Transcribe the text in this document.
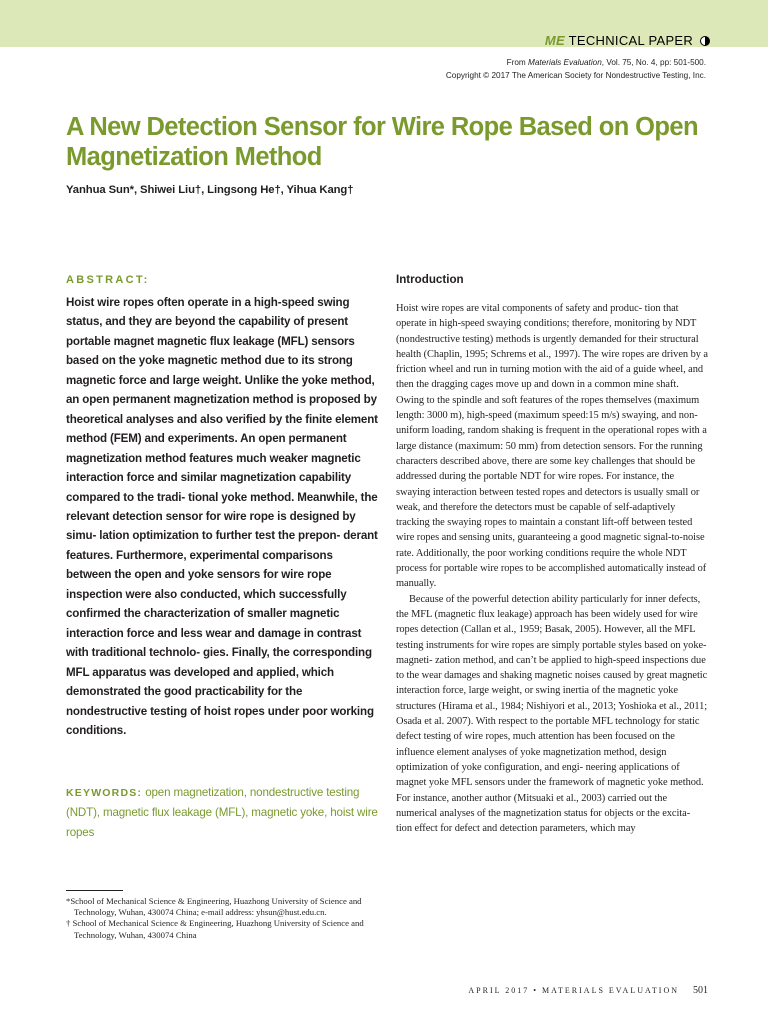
ME TECHNICAL PAPER

From Materials Evaluation, Vol. 75, No. 4, pp: 501-500.

Copyright © 2017 The American Society for Nondestructive Testing, Inc.

A New Detection Sensor for Wire Rope Based on Open Magnetization Method
Yanhua Sun*, Shiwei Liu†, Lingsong He†, Yihua Kang†
ABSTRACT:

Hoist wire ropes often operate in a high-speed swing status, and they are beyond the capability of present portable magnet magnetic flux leakage (MFL) sensors based on the yoke magnetic method due to its strong magnetic force and large weight. Unlike the yoke method, an open permanent magnetization method is proposed by theoretical analyses and also verified by the finite element method (FEM) and experiments. An open permanent magnetization method features much weaker magnetic interaction force and similar magnetization capability compared to the tradi- tional yoke method. Meanwhile, the relevant detection sensor for wire rope is designed by simu- lation optimization to further test the prepon- derant features. Furthermore, experimental comparisons between the open and yoke sensors for wire rope inspection were also conducted, which successfully confirmed the characterization of smaller magnetic interaction force and less wear and damage in contrast with traditional technolo- gies. Finally, the corresponding MFL apparatus was developed and applied, which demonstrated the good practicability for the nondestructive testing of hoist ropes under poor working conditions.

KEYWORDS: open magnetization, nondestructive testing (NDT), magnetic flux leakage (MFL), magnetic yoke, hoist wire ropes

*School of Mechanical Science & Engineering, Huazhong University of Science and Technology, Wuhan, 430074 China; e-mail address: yhsun@hust.edu.cn.

† School of Mechanical Science & Engineering, Huazhong University of Science and Technology, Wuhan, 430074 China

Introduction

Hoist wire ropes are vital components of safety and produc- tion that operate in high-speed swaying conditions; therefore, monitoring by NDT (nondestructive testing) methods is urgently demanded for their structural health (Chaplin, 1995; Schrems et al., 1997). The wire ropes are driven by a friction wheel and run in turning motion with the aid of a guide wheel, and then the dragging cages move up and down in a common mine shaft. Owing to the spindle and soft features of the ropes themselves (maximum length: 3000 m), high-speed (maximum speed:15 m/s) swaying, and non-uniform loading, random shaking is frequent in the operational ropes with a large distance (maximum: 50 mm) from detection sensors. For the running characters described above, there are some key challenges that should be addressed during the portable NDT for wire ropes. For instance, the swaying interaction between tested ropes and detectors is usually small or weak, and therefore the detectors must be capable of self-adaptively tracking the swaying ropes to maintain a constant lift-off between tested wire ropes and sensing units, guaranteeing a good magnetic signal-to-noise rate. Additionally, the poor working conditions require the whole NDT process for portable wire ropes to be accomplished automatically instead of manually.

Because of the powerful detection ability particularly for inner defects, the MFL (magnetic flux leakage) approach has been widely used for wire ropes detection (Callan et al., 1959; Basak, 2005). However, all the MFL testing instruments for wire ropes are simply portable styles based on yoke-magneti- zation method, and can’t be applied to high-speed inspections due to the wear damages and shaking magnetic noises caused by great magnetic interaction force, large weight, or swing inertia of the magnetic yoke structures (Hirama et al., 1984; Nishiyori et al., 2013; Yoshioka et al., 2011; Osada et al. 2007). With respect to the portable MFL technology for static defect testing of wire ropes, much attention has been focused on the influence element analyses of yoke magnetization method, design optimization of yoke configuration, and engi- neering applications of magnet yoke MFL sensors under the framework of magnetic yoke method. For instance, another author (Mitsuaki et al., 2003) carried out the numerical analyses of the magnetization status for objects or the excita- tion effect for defect and detection parameters, which may

APRIL 2017 • MATERIALS EVALUATION 501
